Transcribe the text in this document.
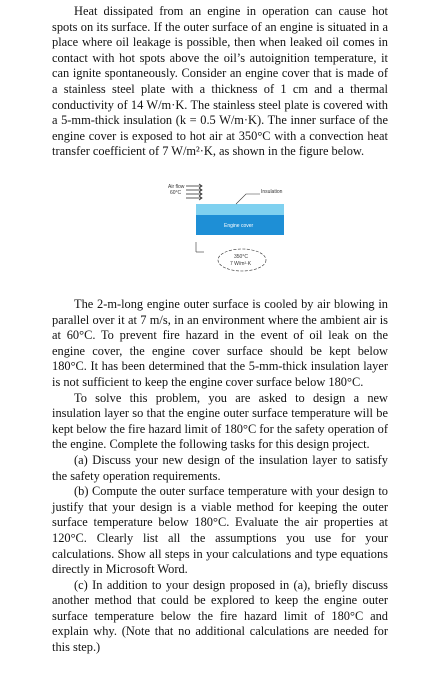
Heat dissipated from an engine in operation can cause hot spots on its surface. If the outer surface of an engine is situated in a place where oil leakage is possible, then when leaked oil comes in contact with hot spots above the oil’s autoignition temperature, it can ignite spontaneously. Consider an engine cover that is made of a stainless steel plate with a thickness of 1 cm and a thermal conductivity of 14 W/m·K. The stainless steel plate is covered with a 5-mm-thick insulation (k = 0.5 W/m·K). The inner surface of the engine cover is exposed to hot air at 350°C with a convection heat transfer coefficient of 7 W/m²·K, as shown in the figure below.

Air flow
60°C
Engine cover
Insulation
350°C
7 W/m²·K

The 2-m-long engine outer surface is cooled by air blowing in parallel over it at 7 m/s, in an environment where the ambient air is at 60°C. To prevent fire hazard in the event of oil leak on the engine cover, the engine cover surface should be kept below 180°C. It has been determined that the 5-mm-thick insulation layer is not sufficient to keep the engine cover surface below 180°C.

To solve this problem, you are asked to design a new insulation layer so that the engine outer surface temperature will be kept below the fire hazard limit of 180°C for the safety operation of the engine. Complete the following tasks for this design project.

(a) Discuss your new design of the insulation layer to satisfy the safety operation requirements.

(b) Compute the outer surface temperature with your design to justify that your design is a viable method for keeping the outer surface temperature below 180°C. Evaluate the air properties at 120°C. Clearly list all the assumptions you use for your calculations. Show all steps in your calculations and type equations directly in Microsoft Word.

(c) In addition to your design proposed in (a), briefly discuss another method that could be explored to keep the engine outer surface temperature below the fire hazard limit of 180°C and explain why. (Note that no additional calculations are needed for this step.)
